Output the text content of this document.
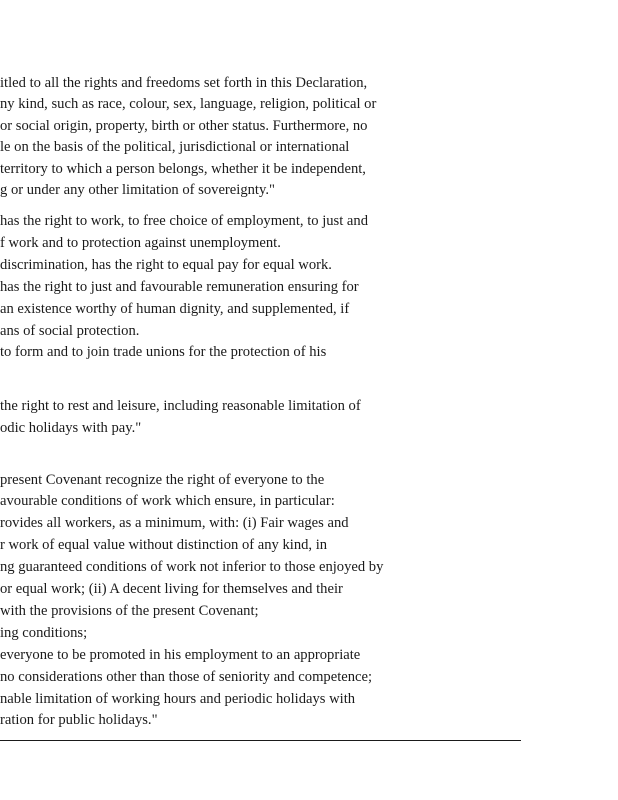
itled to all the rights and freedoms set forth in this Declaration,
ny kind, such as race, colour, sex, language, religion, political or
or social origin, property, birth or other status. Furthermore, no
le on the basis of the political, jurisdictional or international
territory to which a person belongs, whether it be independent,
g or under any other limitation of sovereignty."
has the right to work, to free choice of employment, to just and
f work and to protection against unemployment.
discrimination, has the right to equal pay for equal work.
has the right to just and favourable remuneration ensuring for
an existence worthy of human dignity, and supplemented, if
ans of social protection.
to form and to join trade unions for the protection of his
the right to rest and leisure, including reasonable limitation of
odic holidays with pay."
present Covenant recognize the right of everyone to the
avourable conditions of work which ensure, in particular:
rovides all workers, as a minimum, with: (i) Fair wages and
r work of equal value without distinction of any kind, in
ng guaranteed conditions of work not inferior to those enjoyed by
or equal work; (ii) A decent living for themselves and their
with the provisions of the present Covenant;
ing conditions;
everyone to be promoted in his employment to an appropriate
no considerations other than those of seniority and competence;
nable limitation of working hours and periodic holidays with
ration for public holidays."
